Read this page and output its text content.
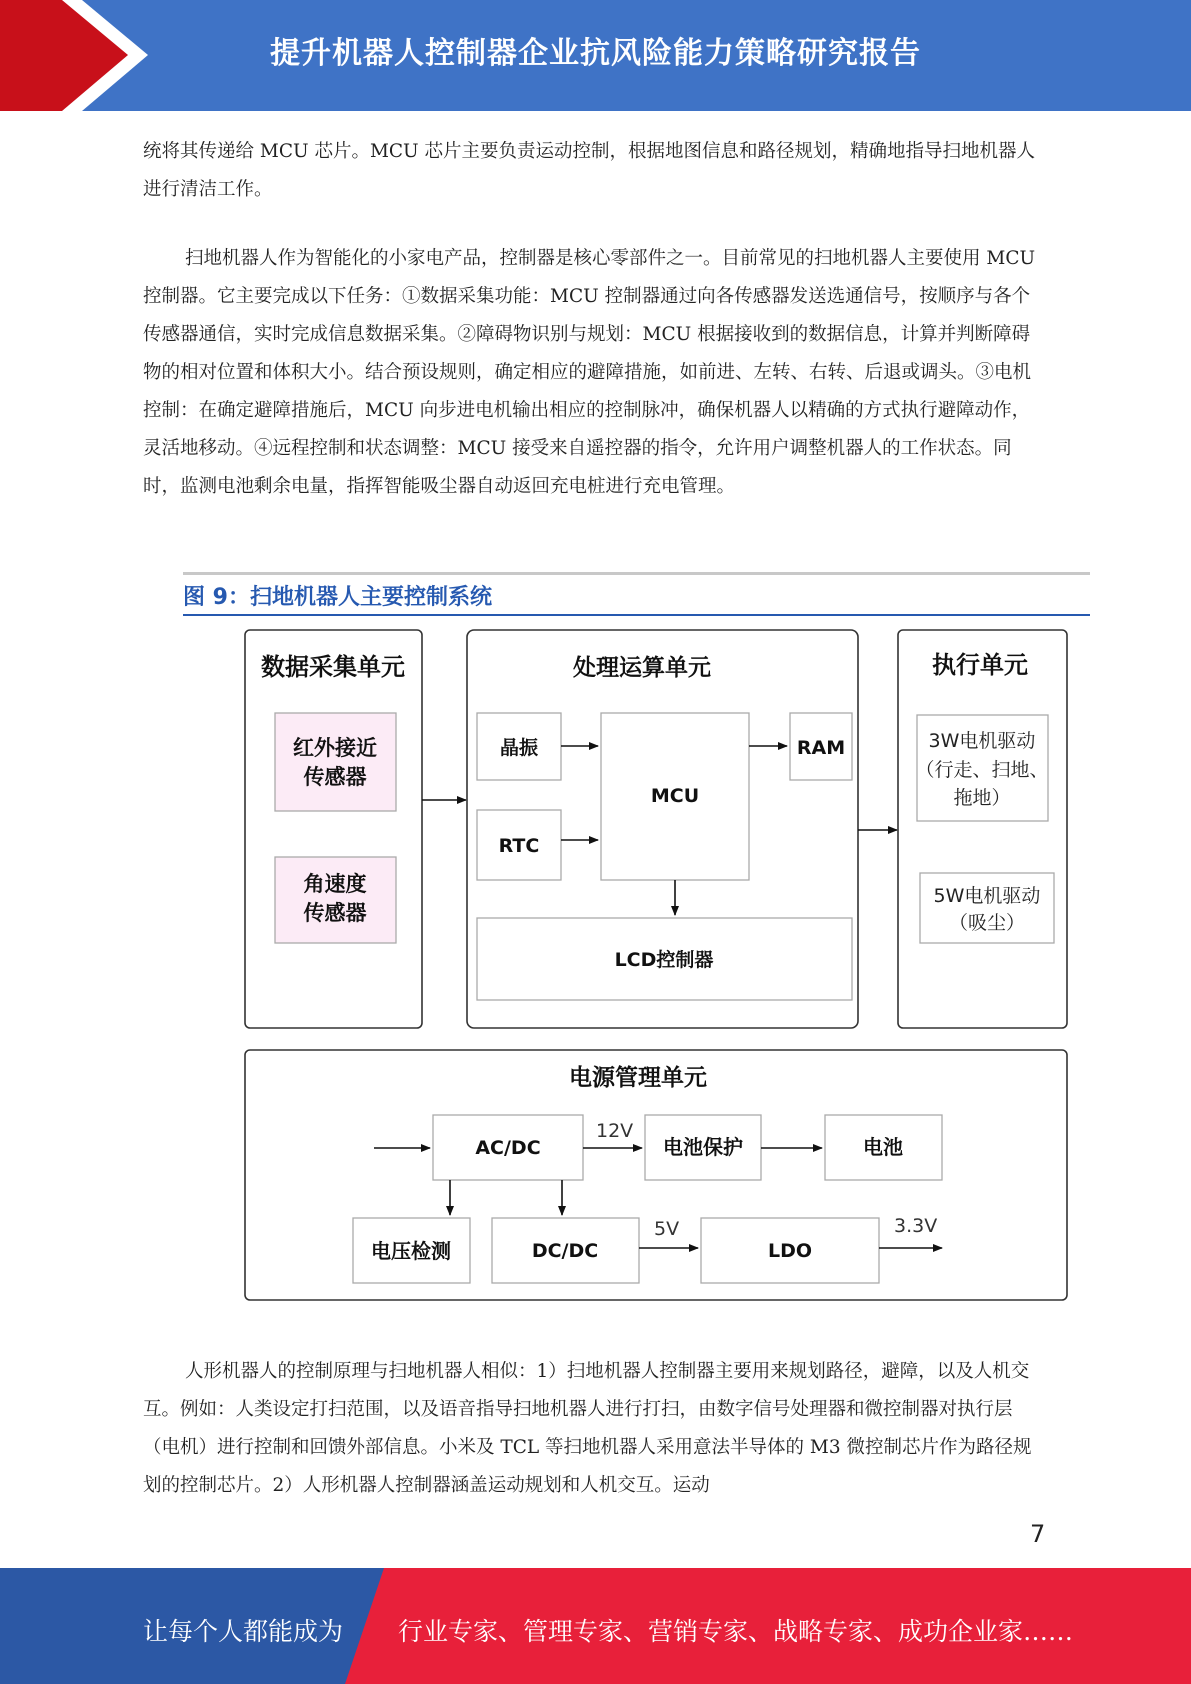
提升机器人控制器企业抗风险能力策略研究报告

统将其传递给 MCU 芯片。MCU 芯片主要负责运动控制，根据地图信息和路径规划，精确地指导扫地机器人进行清洁工作。

扫地机器人作为智能化的小家电产品，控制器是核心零部件之一。目前常见的扫地机器人主要使用 MCU 控制器。它主要完成以下任务：①数据采集功能：MCU 控制器通过向各传感器发送选通信号，按顺序与各个传感器通信，实时完成信息数据采集。②障碍物识别与规划：MCU 根据接收到的数据信息，计算并判断障碍物的相对位置和体积大小。结合预设规则，确定相应的避障措施，如前进、左转、右转、后退或调头。③电机控制：在确定避障措施后，MCU 向步进电机输出相应的控制脉冲，确保机器人以精确的方式执行避障动作，灵活地移动。④远程控制和状态调整：MCU 接受来自遥控器的指令，允许用户调整机器人的工作状态。同时，监测电池剩余电量，指挥智能吸尘器自动返回充电桩进行充电管理。

图 9：扫地机器人主要控制系统
数据采集单元
红外接近
传感器
角速度
传感器
处理运算单元
晶振
RTC
MCU
RAM
LCD控制器
执行单元
3W电机驱动
（行走、扫地、
拖地）
5W电机驱动
（吸尘）
电源管理单元
AC/DC
12V
电池保护	电池
电压检测	DC/DC
5V
LDO
3.3V

人形机器人的控制原理与扫地机器人相似：1）扫地机器人控制器主要用来规划路径，避障，以及人机交互。例如：人类设定打扫范围，以及语音指导扫地机器人进行打扫，由数字信号处理器和微控制器对执行层（电机）进行控制和回馈外部信息。小米及 TCL 等扫地机器人采用意法半导体的 M3 微控制芯片作为路径规划的控制芯片。2）人形机器人控制器涵盖运动规划和人机交互。运动

7
让每个人都能成为 行业专家、管理专家、营销专家、战略专家、成功企业家……
